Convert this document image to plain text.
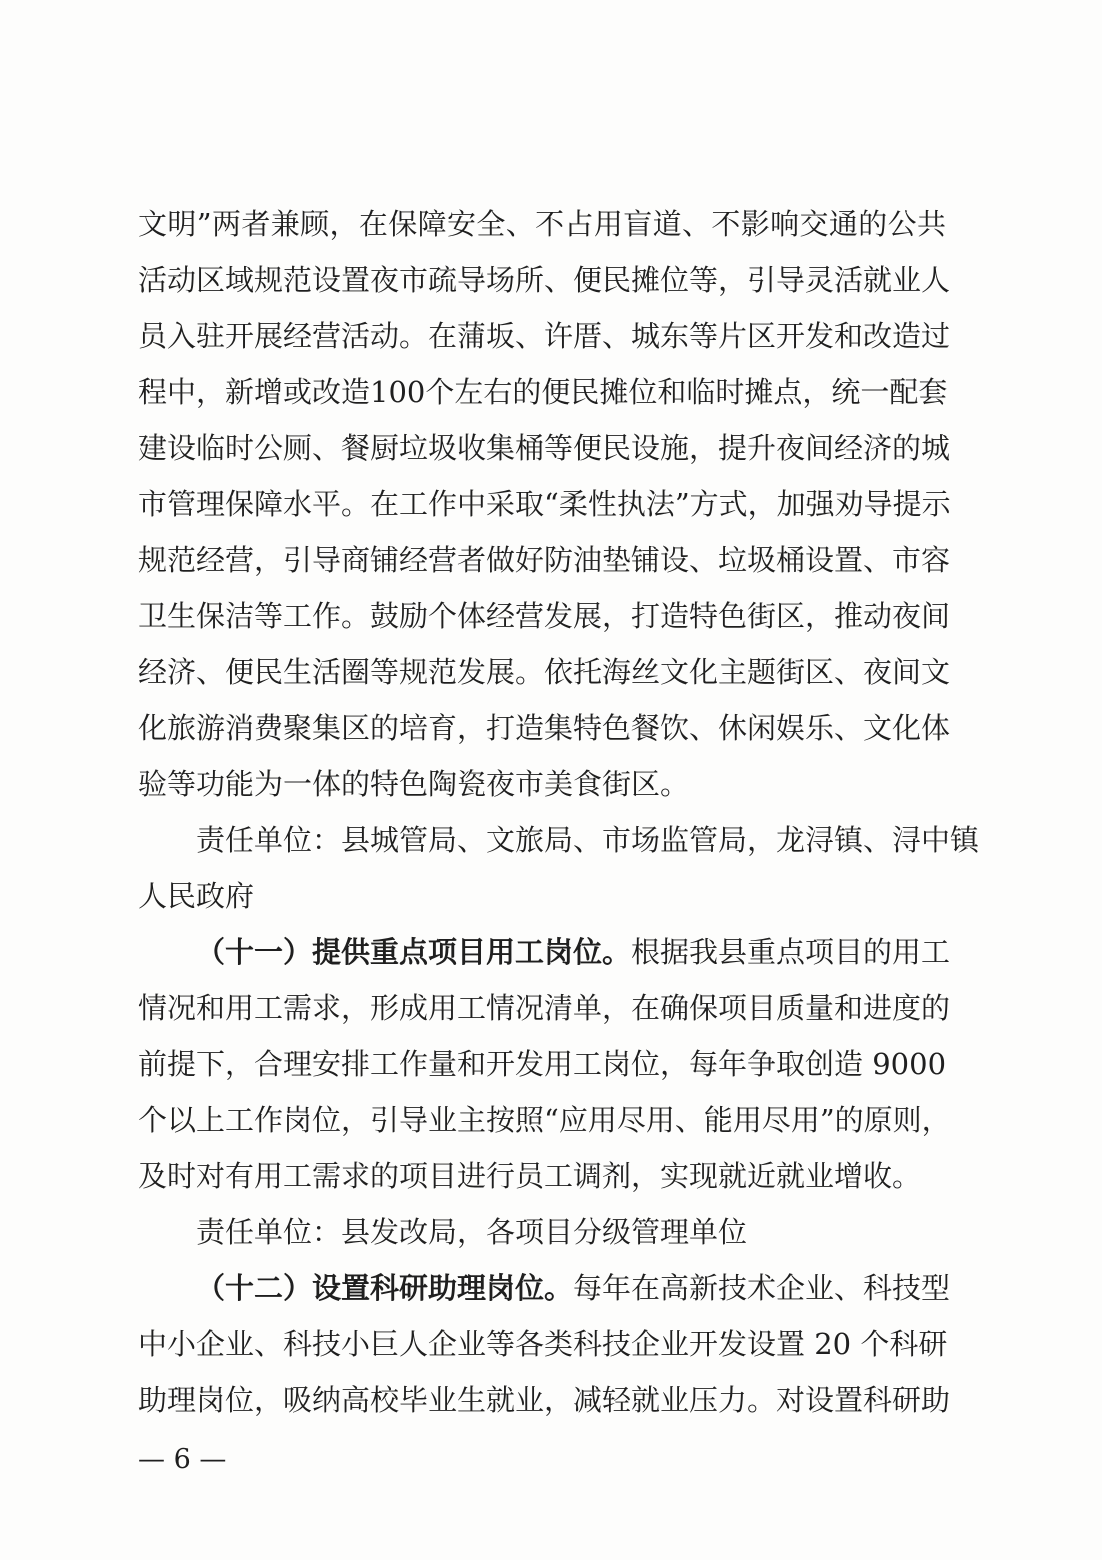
文明”两者兼顾，在保障安全、不占用盲道、不影响交通的公共
活动区域规范设置夜市疏导场所、便民摊位等，引导灵活就业人
员入驻开展经营活动。在蒲坂、许厝、城东等片区开发和改造过
程中，新增或改造100个左右的便民摊位和临时摊点，统一配套
建设临时公厕、餐厨垃圾收集桶等便民设施，提升夜间经济的城
市管理保障水平。在工作中采取“柔性执法”方式，加强劝导提示
规范经营，引导商铺经营者做好防油垫铺设、垃圾桶设置、市容
卫生保洁等工作。鼓励个体经营发展，打造特色街区，推动夜间
经济、便民生活圈等规范发展。依托海丝文化主题街区、夜间文
化旅游消费聚集区的培育，打造集特色餐饮、休闲娱乐、文化体
验等功能为一体的特色陶瓷夜市美食街区。
责任单位：县城管局、文旅局、市场监管局，龙浔镇、浔中镇
人民政府
（十一）提供重点项目用工岗位。根据我县重点项目的用工
情况和用工需求，形成用工情况清单，在确保项目质量和进度的
前提下，合理安排工作量和开发用工岗位，每年争取创造 9000
个以上工作岗位，引导业主按照“应用尽用、能用尽用”的原则，
及时对有用工需求的项目进行员工调剂，实现就近就业增收。
责任单位：县发改局，各项目分级管理单位
（十二）设置科研助理岗位。每年在高新技术企业、科技型
中小企业、科技小巨人企业等各类科技企业开发设置 20 个科研
助理岗位，吸纳高校毕业生就业，减轻就业压力。对设置科研助
— 6 —
